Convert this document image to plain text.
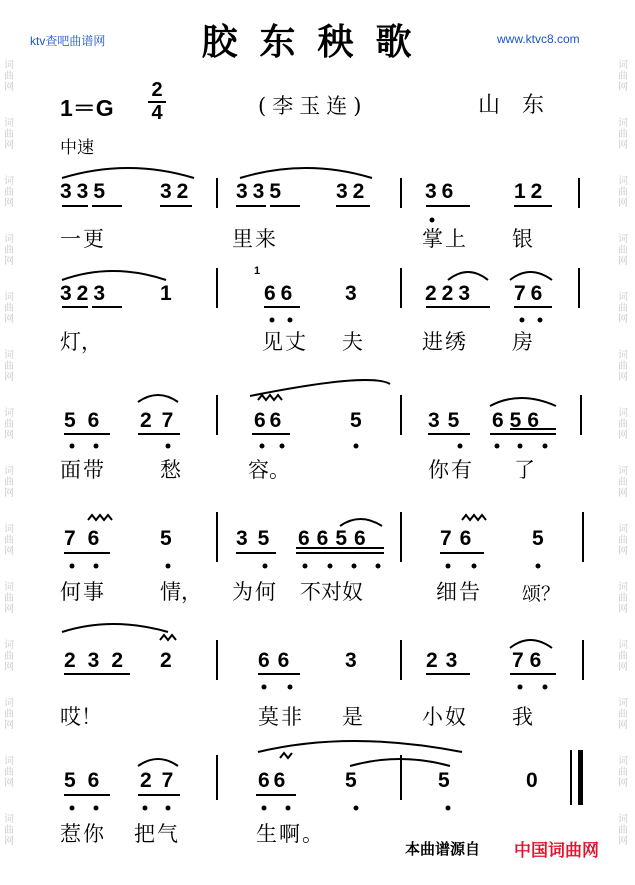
ktv查吧曲谱网	www.ktvc8.com
胶东秧歌
1＝G
2
4	(李玉连)	山东
中速
词曲网
词曲网
词曲网
词曲网
词曲网
词曲网
词曲网
词曲网
词曲网
词曲网
词曲网
词曲网
词曲网
词曲网
词曲网
词曲网
词曲网
词曲网
词曲网
词曲网
词曲网
词曲网
词曲网
词曲网
词曲网
词曲网
词曲网
词曲网
335 32 335 32	36	12
一更	里来	掌上 银
323 1
1
66 3	223 76
灯，	见丈 夫	进绣 房
56 27	66	5	35 656
面带	愁	容。	你有 了
76 5	35 6656	76	5
何事	情， 为何 不对奴	细告 颂？
232 2	66 3	23 76
哎！	莫非 是	小奴 我
56 27	66	5	5	0
惹你 把气	生啊。
本曲谱源自 中国词曲网
